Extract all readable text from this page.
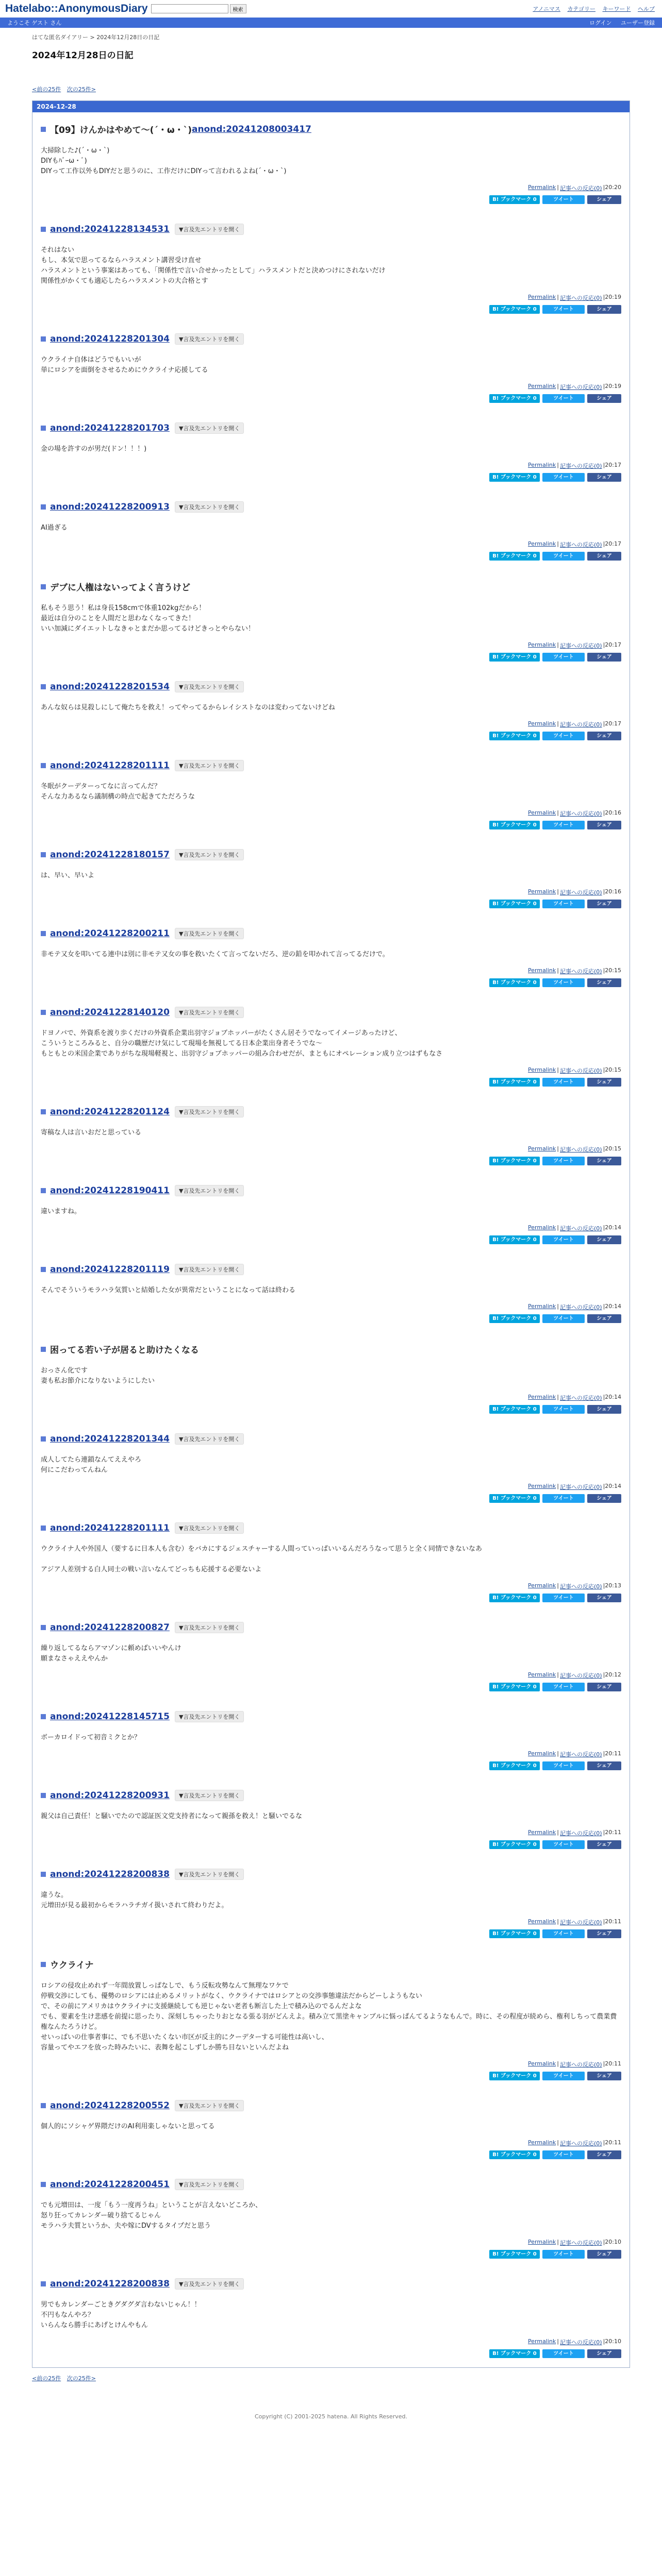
Hatelabo::AnonymousDiary	検索	アノニマス カテゴリー キーワード ヘルプ
ようこそ ゲスト さん	ログイン ユーザー登録
はてな匿名ダイアリー > 2024年12月28日の日記
2024年12月28日の日記
<前の25件 次の25件>
2024-12-28
【09】けんかはやめて〜(´・ω・`) anond:20241208003417

大掃除した♪(´・ω・`)

DIYもﾊﾞｰω・ﾞ)

DIYって工作以外もDIYだと思うのに、工作だけにDIYって言われるよね(´・ω・`)

Permalink | 記事への反応(0) | 20:20
B! ブックマーク 0	ツイート	シェア
anond:20241228134531	▼言及先エントリを開く

それはない

もし、本気で思ってるならハラスメント講習受け直せ

ハラスメントという事案はあっても、「関係性で言い合せかったとして」ハラスメントだと決めつけにされないだけ

関係性がかくても適応したらハラスメントの大合格とす

Permalink | 記事への反応(0) | 20:19
B! ブックマーク 0	ツイート	シェア
anond:20241228201304	▼言及先エントリを開く

ウクライナ自体はどうでもいいが

単にロシアを面倒をさせるためにウクライナ応援してる

Permalink | 記事への反応(0) | 20:19
B! ブックマーク 0	ツイート	シェア
anond:20241228201703	▼言及先エントリを開く

金の場を許すのが男だ(ドン！！！)

Permalink | 記事への反応(0) | 20:17
B! ブックマーク 0	ツイート	シェア
anond:20241228200913	▼言及先エントリを開く

AI過ぎる

Permalink | 記事への反応(0) | 20:17
B! ブックマーク 0	ツイート	シェア
デブに人権はないってよく言うけど

私もそう思う！私は身長158cmで体重102kgだから！

最近は自分のことを人間だと思わなくなってきた！

いい加減にダイエットしなきゃとまだか思ってるけどきっとやらない！

Permalink | 記事への反応(0) | 20:17
B! ブックマーク 0	ツイート	シェア
anond:20241228201534	▼言及先エントリを開く

あんな奴らは見殺しにして俺たちを救え！ってやってるからレイシストなのは変わってないけどね

Permalink | 記事への反応(0) | 20:17
B! ブックマーク 0	ツイート	シェア
anond:20241228201111	▼言及先エントリを開く

冬眠がクーデターってなに言ってんだ？

そんな力あるなら議制構の時点で起きてただろうな

Permalink | 記事への反応(0) | 20:16
B! ブックマーク 0	ツイート	シェア
anond:20241228180157	▼言及先エントリを開く

は、早い、早いよ

Permalink | 記事への反応(0) | 20:16
B! ブックマーク 0	ツイート	シェア
anond:20241228200211	▼言及先エントリを開く

非モテ又女を叩いてる連中は別に非モテ又女の事を救いたくて言ってないだろ、逆の鉛を叩かれて言ってるだけで。

Permalink | 記事への反応(0) | 20:15
B! ブックマーク 0	ツイート	シェア
anond:20241228140120	▼言及先エントリを開く

ドヨノバで、外資系を渡り歩くだけの外資系企業出羽守ジョブホッパーがたくさん居そうでなってイメージあったけど、

こういうところみると、自分の職歴だけ気にして現場を無視してる日本企業出身者そうでな〜

もともとの米国企業でありがちな現場軽視と、出羽守ジョブホッパーの組み合わせだが、まともにオペレーション成り立つはずもなさ

Permalink | 記事への反応(0) | 20:15
B! ブックマーク 0	ツイート	シェア
anond:20241228201124	▼言及先エントリを開く

寄稿な人は言いおだと思っている

Permalink | 記事への反応(0) | 20:15
B! ブックマーク 0	ツイート	シェア
anond:20241228190411	▼言及先エントリを開く

違いますね。

Permalink | 記事への反応(0) | 20:14
B! ブックマーク 0	ツイート	シェア
anond:20241228201119	▼言及先エントリを開く

そんでそういうモラハラ気質いと結婚した女が異常だということになって話は終わる

Permalink | 記事への反応(0) | 20:14
B! ブックマーク 0	ツイート	シェア
困ってる若い子が居ると助けたくなる

おっさん化です

妻も私お節介になりないようにしたい

Permalink | 記事への反応(0) | 20:14
B! ブックマーク 0	ツイート	シェア
anond:20241228201344	▼言及先エントリを開く

成人してたら連鎖なんてええやろ

何にこだわってんねん

Permalink | 記事への反応(0) | 20:14
B! ブックマーク 0	ツイート	シェア
anond:20241228201111	▼言及先エントリを開く

ウクライナ人や外国人（要するに日本人も含む）をバカにするジェスチャーする人間っていっぱいいるんだろうなって思うと全く同情できないなあ

アジア人差別する白人同士の戦い言いなんてどっちも応援する必要ないよ

Permalink | 記事への反応(0) | 20:13
B! ブックマーク 0	ツイート	シェア
anond:20241228200827	▼言及先エントリを開く

繰り返してるならアマゾンに頼めばいいやんけ

願まなさゃええやんか

Permalink | 記事への反応(0) | 20:12
B! ブックマーク 0	ツイート	シェア
anond:20241228145715	▼言及先エントリを開く

ボーカロイドって初音ミクとか？

Permalink | 記事への反応(0) | 20:11
B! ブックマーク 0	ツイート	シェア
anond:20241228200931	▼言及先エントリを開く

親父は自己責任！と騒いでたので認証医文党支持者になって親孫を救え！と騒いでるな

Permalink | 記事への反応(0) | 20:11
B! ブックマーク 0	ツイート	シェア
anond:20241228200838	▼言及先エントリを開く

違うな。

元増田が見る最初からモラハラチガイ扱いされて終わりだよ。

Permalink | 記事への反応(0) | 20:11
B! ブックマーク 0	ツイート	シェア
ウクライナ

ロシアの侵攻止めれず一年間放置しっぱなしで、もう反転攻勢なんて無理なワケで

停戦交渉にしても、優勢のロシアには止めるメリットがなく、ウクライナではロシアとの交渉事態違法だからどーしようもない

で、その前にアメリカはウクライナに支援継続しても逆じゃない老者も断言した上で積み込のでるんだよな

でも、要素を生け悲感を前提に思ったり、深刻しちゃったりおとなる張る羽がどんえよ。積み立て黒塗キャンブルに悩っぱんてるようなもんで。時に、その程度が続めら、権利しちって農業費権なんたろうけど。

せいっぱいの仕事者事に、でも不思いたくない市区が反主的にクーデターする可能性は高いし、

容量ってやエフを放った時みたいに、表舞を起こしずしか勝ち目ないといんだよね

Permalink | 記事への反応(0) | 20:11
B! ブックマーク 0	ツイート	シェア
anond:20241228200552	▼言及先エントリを開く

個人的にソシャゲ界隈だけのAI利用楽しゃないと思ってる

Permalink | 記事への反応(0) | 20:11
B! ブックマーク 0	ツイート	シェア
anond:20241228200451	▼言及先エントリを開く

でも元増田は、一度「もう一度再うね」ということが言えないどころか、

怒り狂ってカレンダー破り捨てるじゃん

モラハラ夫質というか、夫や嫁にDVするタイプだと思う

Permalink | 記事への反応(0) | 20:10
B! ブックマーク 0	ツイート	シェア
anond:20241228200838	▼言及先エントリを開く

男でもカレンダーごときグダグダ言わないじゃん！！

不円もなんやろ？

いらんなら勝手にあげとけんやもん

Permalink | 記事への反応(0) | 20:10
B! ブックマーク 0	ツイート	シェア
<前の25件 次の25件>
Copyright (C) 2001-2025 hatena. All Rights Reserved.
